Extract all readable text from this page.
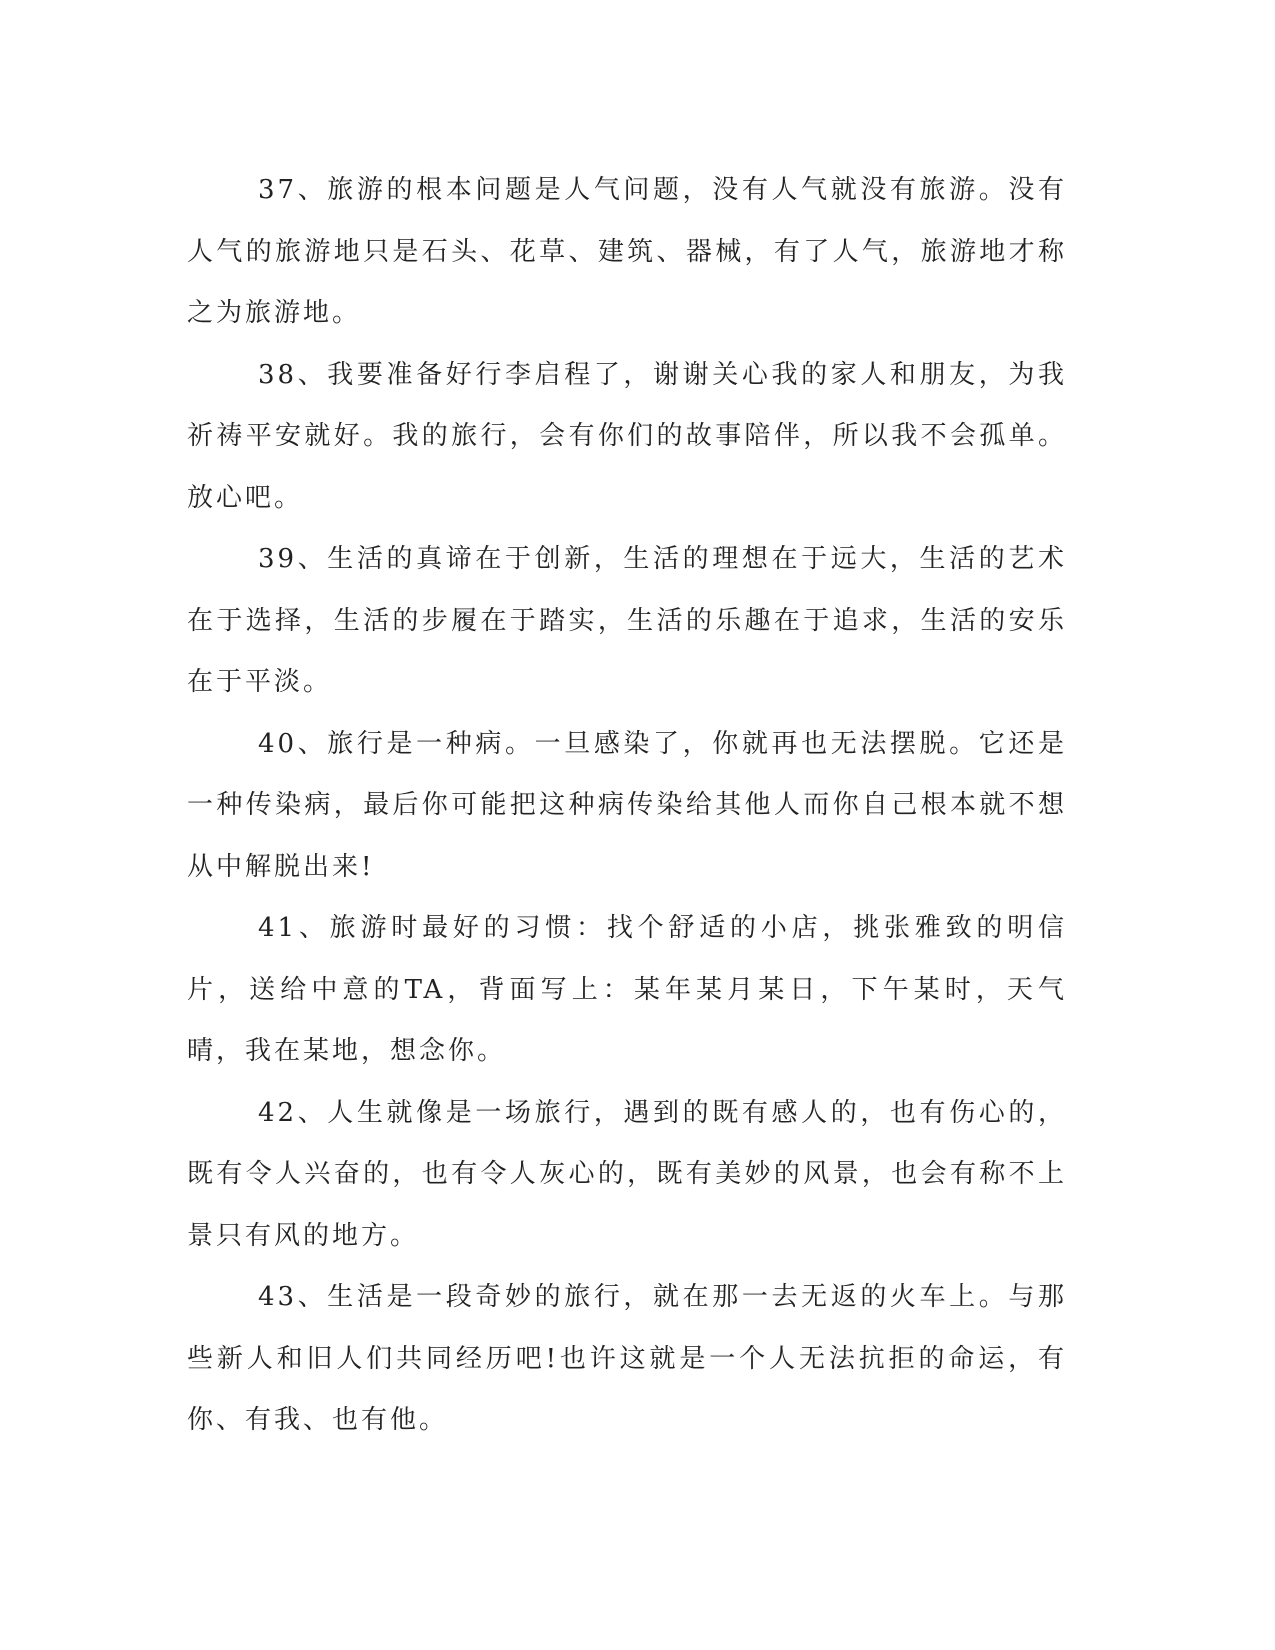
37、旅游的根本问题是人气问题，没有人气就没有旅游。没有人气的旅游地只是石头、花草、建筑、器械，有了人气，旅游地才称之为旅游地。

38、我要准备好行李启程了，谢谢关心我的家人和朋友，为我祈祷平安就好。我的旅行，会有你们的故事陪伴，所以我不会孤单。放心吧。

39、生活的真谛在于创新，生活的理想在于远大，生活的艺术在于选择，生活的步履在于踏实，生活的乐趣在于追求，生活的安乐在于平淡。

40、旅行是一种病。一旦感染了，你就再也无法摆脱。它还是一种传染病，最后你可能把这种病传染给其他人而你自己根本就不想从中解脱出来!

41、旅游时最好的习惯：找个舒适的小店，挑张雅致的明信片，送给中意的TA，背面写上：某年某月某日，下午某时，天气晴，我在某地，想念你。

42、人生就像是一场旅行，遇到的既有感人的，也有伤心的，既有令人兴奋的，也有令人灰心的，既有美妙的风景，也会有称不上景只有风的地方。

43、生活是一段奇妙的旅行，就在那一去无返的火车上。与那些新人和旧人们共同经历吧!也许这就是一个人无法抗拒的命运，有你、有我、也有他。
